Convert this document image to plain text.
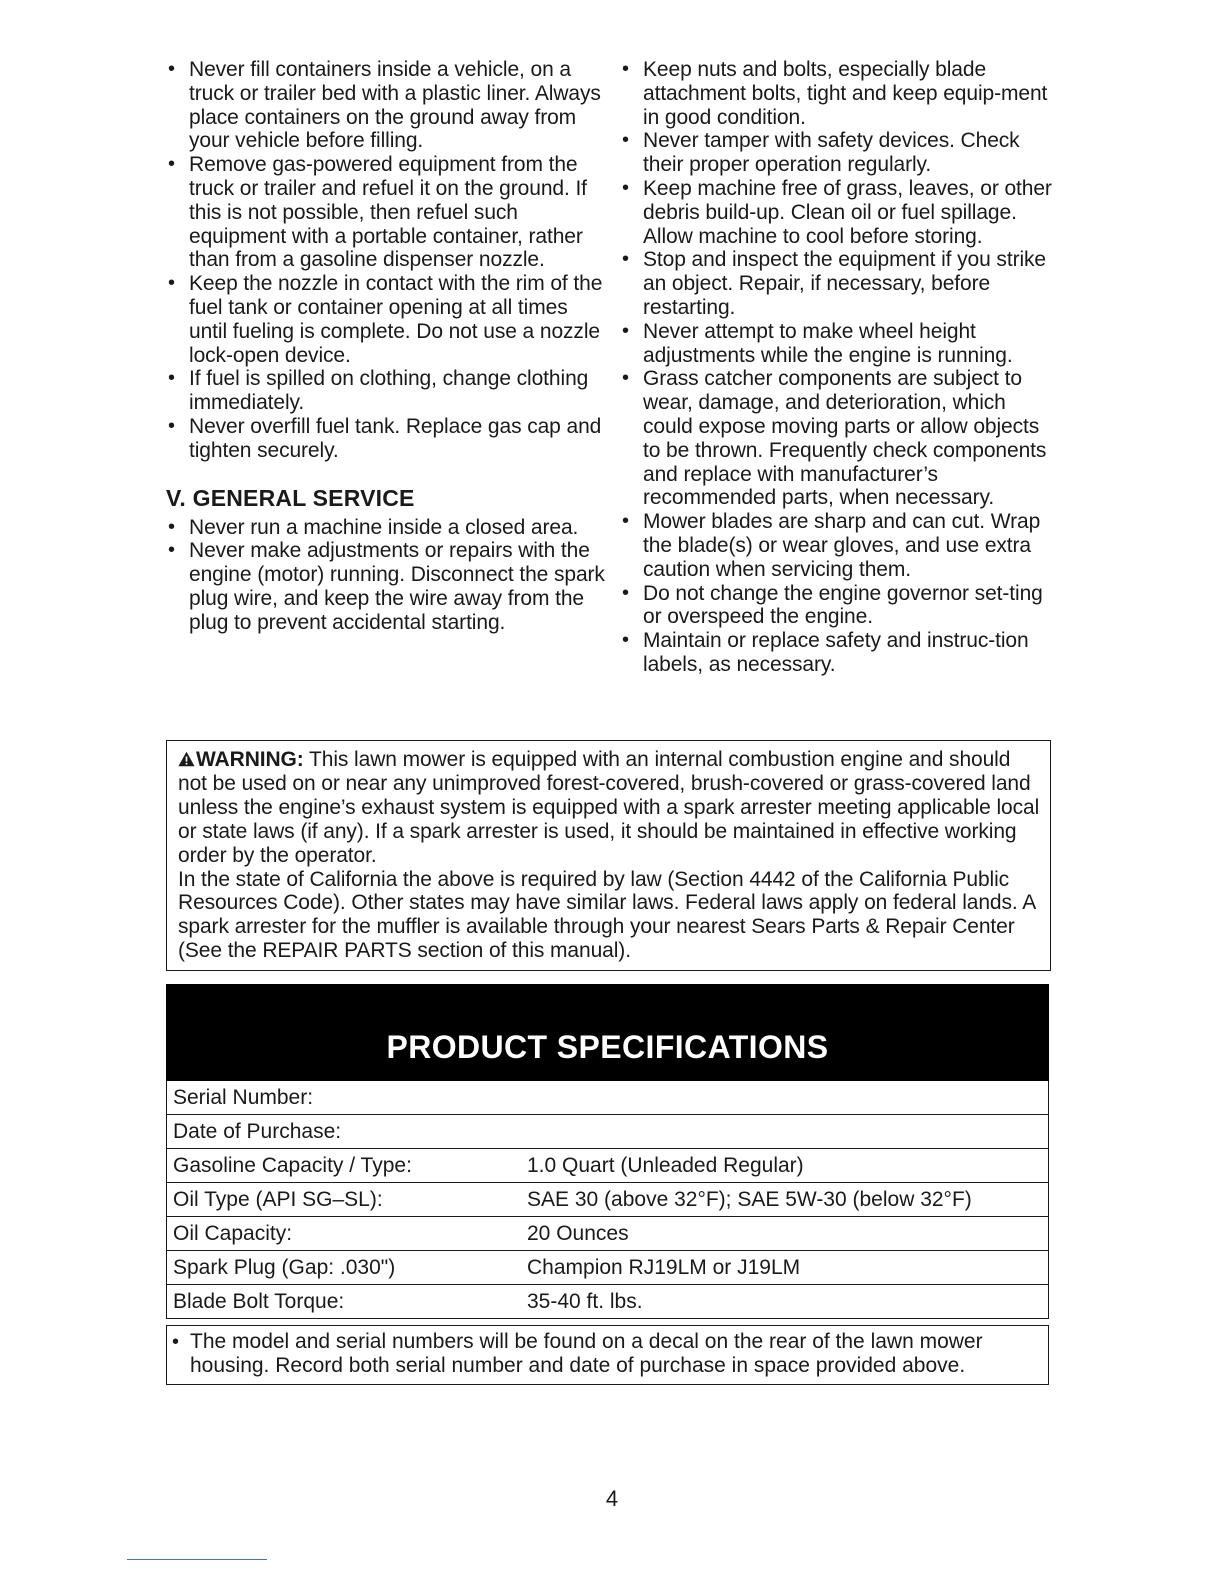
• Never fill containers inside a vehicle, on a truck or trailer bed with a plastic liner. Always place containers on the ground away from your vehicle before filling.
• Remove gas-powered equipment from the truck or trailer and refuel it on the ground. If this is not possible, then refuel such equipment with a portable container, rather than from a gasoline dispenser nozzle.
• Keep the nozzle in contact with the rim of the fuel tank or container opening at all times until fueling is complete. Do not use a nozzle lock-open device.
• If fuel is spilled on clothing, change clothing immediately.
• Never overfill fuel tank. Replace gas cap and tighten securely.
V. GENERAL SERVICE
• Never run a machine inside a closed area.
• Never make adjustments or repairs with the engine (motor) running. Disconnect the spark plug wire, and keep the wire away from the plug to prevent accidental starting.
• Keep nuts and bolts, especially blade attachment bolts, tight and keep equip-ment in good condition.
• Never tamper with safety devices. Check their proper operation regularly.
• Keep machine free of grass, leaves, or other debris build-up. Clean oil or fuel spillage. Allow machine to cool before storing.
• Stop and inspect the equipment if you strike an object. Repair, if necessary, before restarting.
• Never attempt to make wheel height adjustments while the engine is running.
• Grass catcher components are subject to wear, damage, and deterioration, which could expose moving parts or allow objects to be thrown. Frequently check components and replace with manufacturer’s recommended parts, when necessary.
• Mower blades are sharp and can cut. Wrap the blade(s) or wear gloves, and use extra caution when servicing them.
• Do not change the engine governor set-ting or overspeed the engine.
• Maintain or replace safety and instruc-tion labels, as necessary.
WARNING: This lawn mower is equipped with an internal combustion engine and should not be used on or near any unimproved forest-covered, brush-covered or grass-covered land unless the engine’s exhaust system is equipped with a spark arrester meeting applicable local or state laws (if any). If a spark arrester is used, it should be maintained in effective working order by the operator.
In the state of California the above is required by law (Section 4442 of the California Public Resources Code). Other states may have similar laws. Federal laws apply on federal lands. A spark arrester for the muffler is available through your nearest Sears Parts & Repair Center (See the REPAIR PARTS section of this manual).
PRODUCT SPECIFICATIONS
Serial Number:
Date of Purchase:
Gasoline Capacity / Type:	1.0 Quart (Unleaded Regular)
Oil Type (API SG–SL):	SAE 30 (above 32°F); SAE 5W-30 (below 32°F)
Oil Capacity:	20 Ounces
Spark Plug (Gap: .030")	Champion RJ19LM or J19LM
Blade Bolt Torque:	35-40 ft. lbs.
• The model and serial numbers will be found on a decal on the rear of the lawn mower housing. Record both serial number and date of purchase in space provided above.
4
